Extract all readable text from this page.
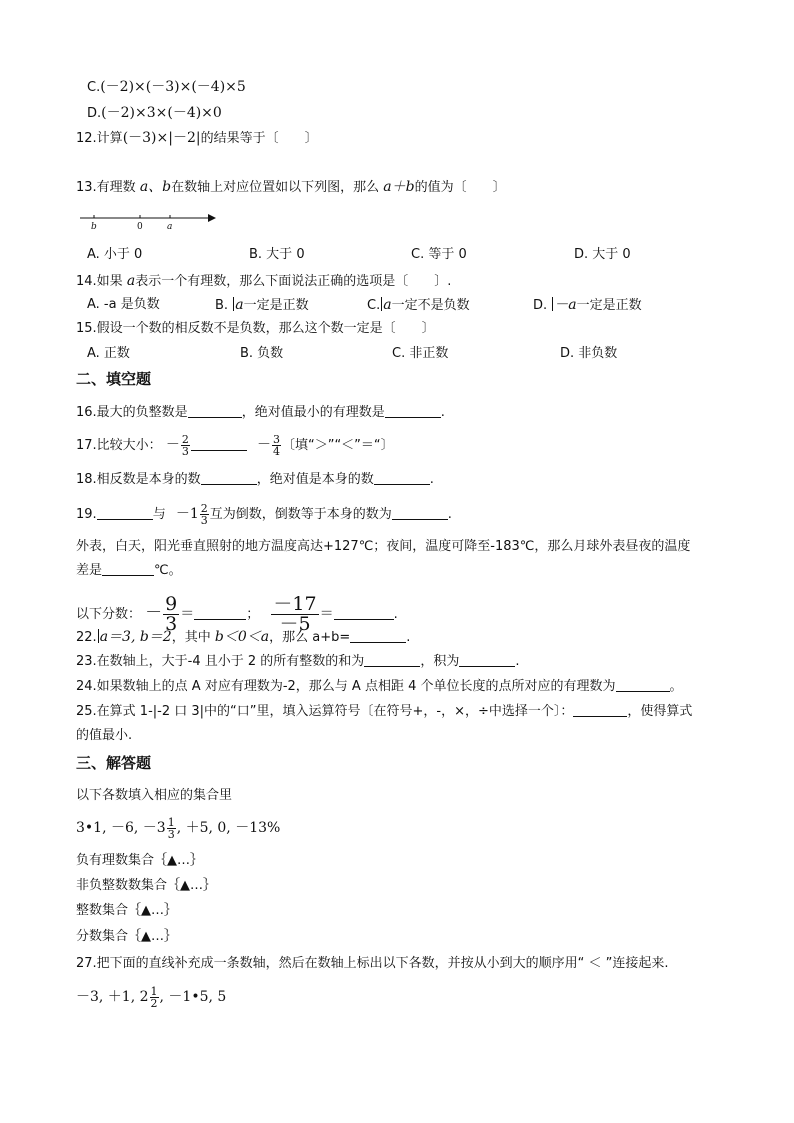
C.(－2)×(－3)×(－4)×5
D.(－2)×3×(－4)×0
12.计算(－3)×|－2|的结果等于〔　　〕
13.有理数 a、b在数轴上对应位置如以下列图，那么 a＋b的值为〔　　〕
b	0	a
A. 小于 0	B. 大于 0	C. 等于 0	D. 大于 0
14.如果 a表示一个有理数，那么下面说法正确的选项是〔　　〕.
A. -a 是负数	B. a一定是正数	C. a一定不是负数	D. －a一定是正数
15.假设一个数的相反数不是负数，那么这个数一定是〔　　〕
A. 正数	B. 负数	C. 非正数	D. 非负数
二、填空题
16.最大的负整数是	，绝对值最小的有理数是	.
17.比较大小： － $\frac{2}{3}$	－ $\frac{3}{4}$ 〔填“＞”“＜”＝“〕
18.相反数是本身的数	，绝对值是本身的数	.
19.	与 $-1 \frac{2}{3}$ 互为倒数，倒数等于本身的数为	.
外表，白天，阳光垂直照射的地方温度高达+127℃；夜间，温度可降至-183℃，那么月球外表昼夜的温度
差是	℃。
以下分数： － $\frac{9}{3}$ ＝	； $\frac{-17}{-5}$ ＝	.
22. a＝3, b＝2，其中 b＜0＜a，那么 a+b=	.
23.在数轴上，大于-4 且小于 2 的所有整数的和为	，积为	.
24.如果数轴上的点 A 对应有理数为-2，那么与 A 点相距 4 个单位长度的点所对应的有理数为	。
25.在算式 1-|-2 口 3|中的“口”里，填入运算符号〔在符号+，-，×，÷中选择一个〕：	，使得算式
的值最小.
三、解答题
以下各数填入相应的集合里
3•1, －6, $-3 \frac{1}{3}$ , ＋5, 0, －13%
负有理数集合｛▲…｝
非负整数数集合｛▲…｝
整数集合｛▲…｝
分数集合｛▲…｝
27.把下面的直线补充成一条数轴，然后在数轴上标出以下各数，并按从小到大的顺序用“ ＜ ”连接起来.
－3, ＋1, $2 \frac{1}{2}$ , －1•5, 5
